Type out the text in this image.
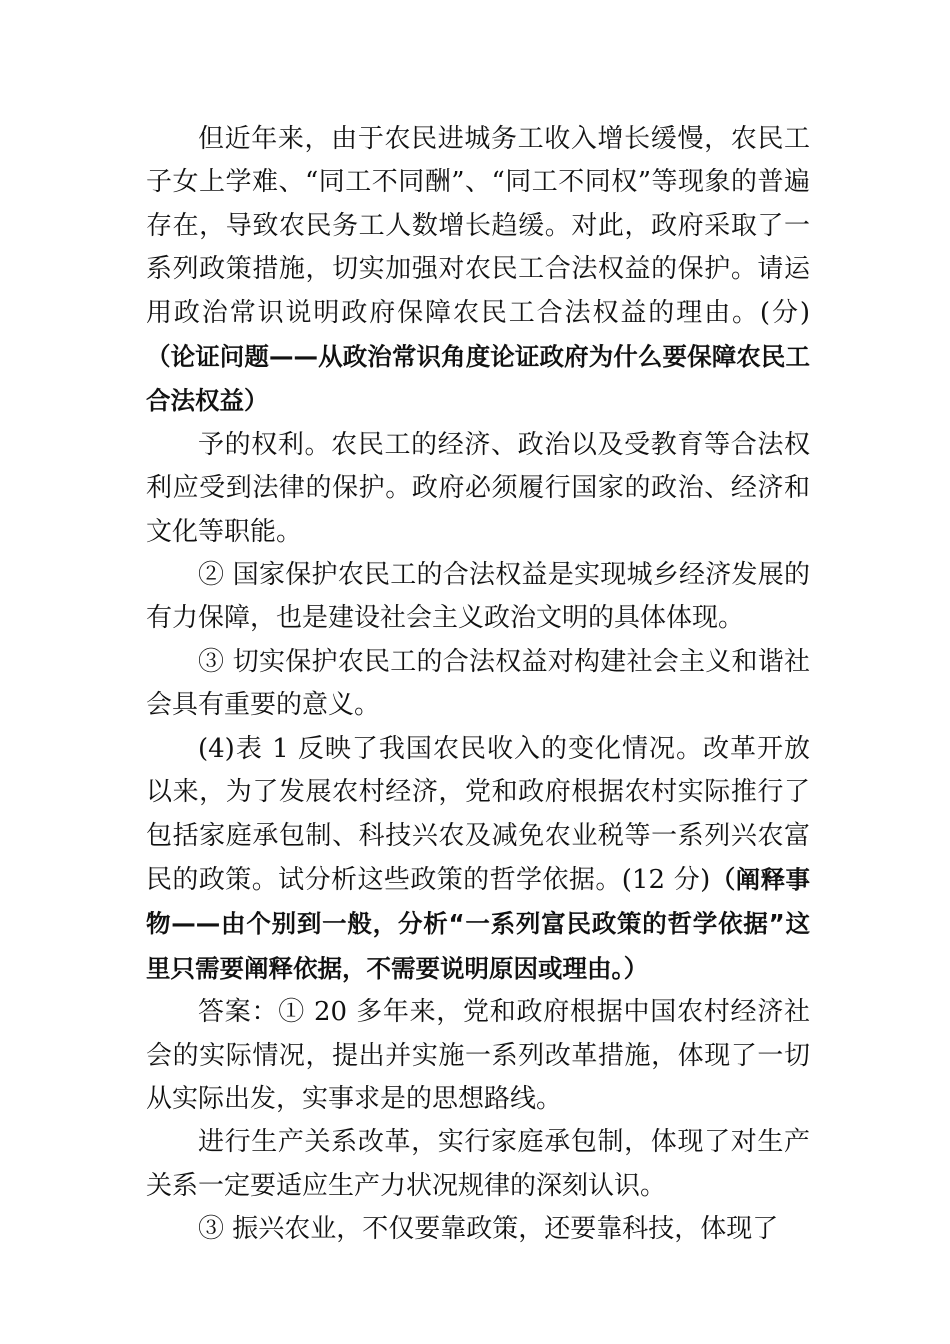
但近年来，由于农民进城务工收入增长缓慢，农民工子女上学难、“同工不同酬”、“同工不同权”等现象的普遍存在，导致农民务工人数增长趋缓。对此，政府采取了一系列政策措施，切实加强对农民工合法权益的保护。请运用政治常识说明政府保障农民工合法权益的理由。(分)（论证问题——从政治常识角度论证政府为什么要保障农民工合法权益）

予的权利。农民工的经济、政治以及受教育等合法权利应受到法律的保护。政府必须履行国家的政治、经济和文化等职能。

② 国家保护农民工的合法权益是实现城乡经济发展的有力保障，也是建设社会主义政治文明的具体体现。

③ 切实保护农民工的合法权益对构建社会主义和谐社会具有重要的意义。

(4)表 1 反映了我国农民收入的变化情况。改革开放以来，为了发展农村经济，党和政府根据农村实际推行了包括家庭承包制、科技兴农及减免农业税等一系列兴农富民的政策。试分析这些政策的哲学依据。(12 分)（阐释事物——由个别到一般，分析“一系列富民政策的哲学依据”这里只需要阐释依据，不需要说明原因或理由。）

答案：① 20 多年来，党和政府根据中国农村经济社会的实际情况，提出并实施一系列改革措施，体现了一切从实际出发，实事求是的思想路线。

进行生产关系改革，实行家庭承包制，体现了对生产关系一定要适应生产力状况规律的深刻认识。

③ 振兴农业，不仅要靠政策，还要靠科技，体现了
